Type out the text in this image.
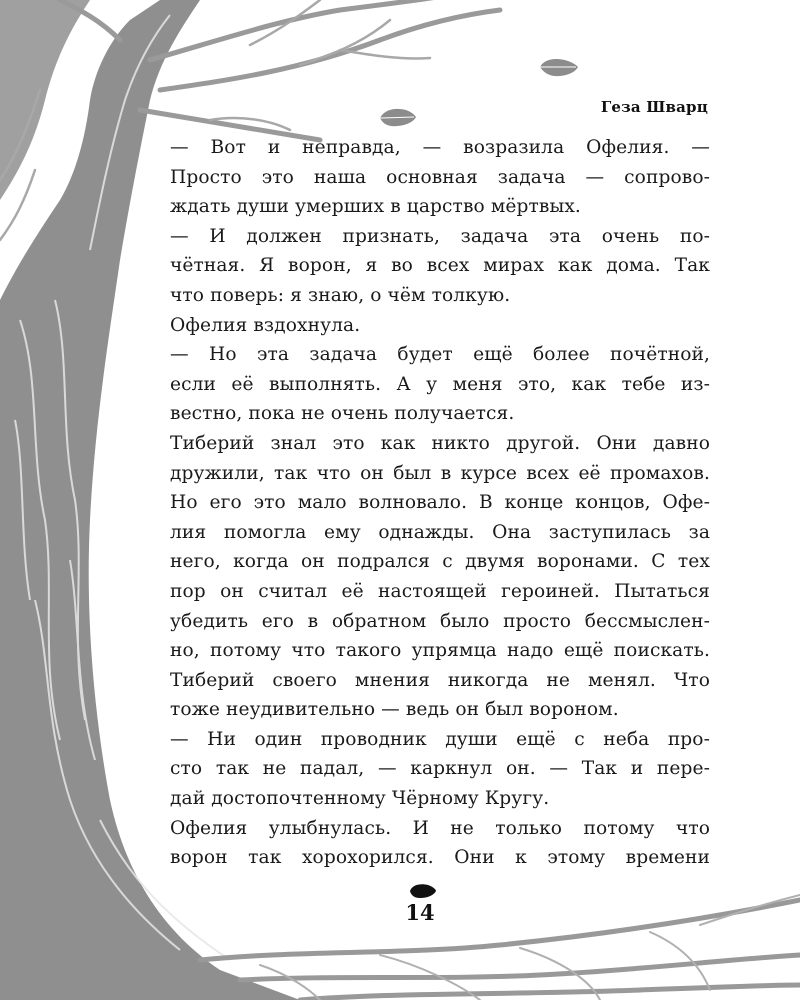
Геза Шварц
— Вот и неправда, — возразила Офелия. —
Просто это наша основная задача — сопрово-
ждать души умерших в царство мёртвых.
— И должен признать, задача эта очень по-
чётная. Я ворон, я во всех мирах как дома. Так
что поверь: я знаю, о чём толкую.
Офелия вздохнула.
— Но эта задача будет ещё более почётной,
если её выполнять. А у меня это, как тебе из-
вестно, пока не очень получается.
Тиберий знал это как никто другой. Они давно
дружили, так что он был в курсе всех её промахов.
Но его это мало волновало. В конце концов, Офе-
лия помогла ему однажды. Она заступилась за
него, когда он подрался с двумя воронами. С тех
пор он считал её настоящей героиней. Пытаться
убедить его в обратном было просто бессмыслен-
но, потому что такого упрямца надо ещё поискать.
Тиберий своего мнения никогда не менял. Что
тоже неудивительно — ведь он был вороном.
— Ни один проводник души ещё с неба про-
сто так не падал, — каркнул он. — Так и пере-
дай достопочтенному Чёрному Кругу.
Офелия улыбнулась. И не только потому что
ворон так хорохорился. Они к этому времени
14
